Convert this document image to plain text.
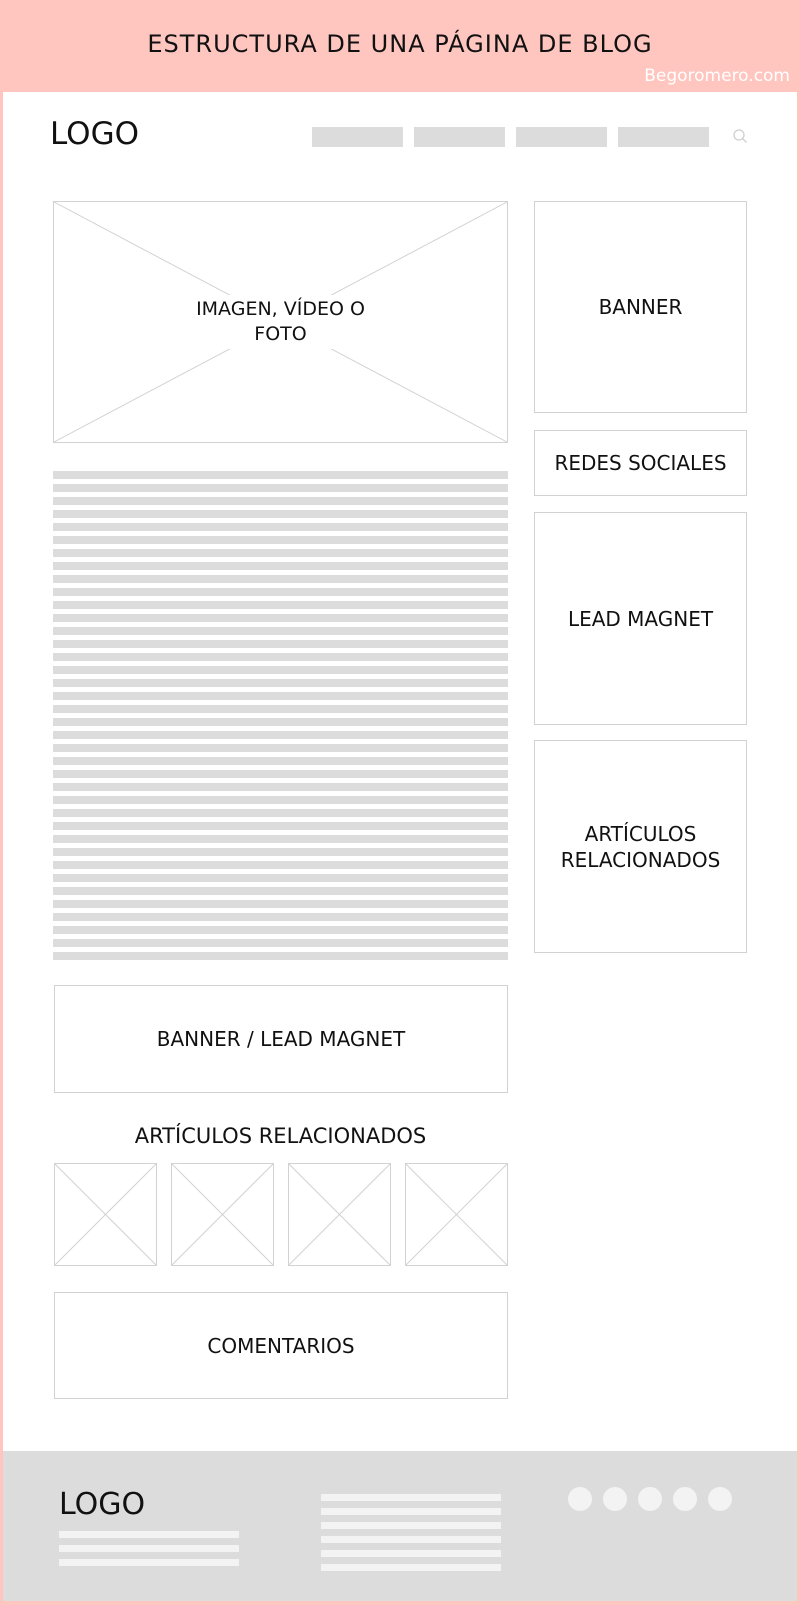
ESTRUCTURA DE UNA PÁGINA DE BLOG
Begoromero.com
LOGO
IMAGEN, VÍDEO O FOTO
BANNER
REDES SOCIALES
LEAD MAGNET
ARTÍCULOS RELACIONADOS
BANNER / LEAD MAGNET
ARTÍCULOS RELACIONADOS
COMENTARIOS
LOGO
